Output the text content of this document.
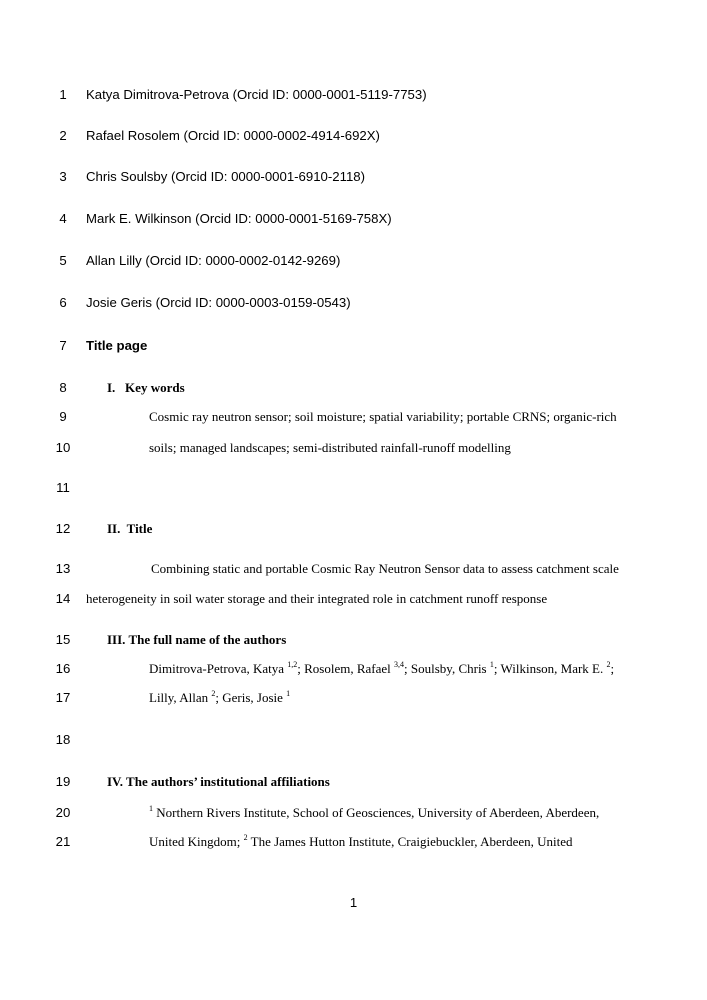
1	Katya Dimitrova-Petrova (Orcid ID: 0000-0001-5119-7753)
2	Rafael Rosolem (Orcid ID: 0000-0002-4914-692X)
3	Chris Soulsby (Orcid ID: 0000-0001-6910-2118)
4	Mark E. Wilkinson (Orcid ID: 0000-0001-5169-758X)
5	Allan Lilly (Orcid ID: 0000-0002-0142-9269)
6	Josie Geris (Orcid ID: 0000-0003-0159-0543)
7	Title page
8	I.   Key words
9	Cosmic ray neutron sensor; soil moisture; spatial variability; portable CRNS; organic-rich
10	soils; managed landscapes; semi-distributed rainfall-runoff modelling
11
12	II.  Title
13	Combining static and portable Cosmic Ray Neutron Sensor data to assess catchment scale
14 heterogeneity in soil water storage and their integrated role in catchment runoff response
15	III. The full name of the authors
16	Dimitrova-Petrova, Katya $^{1,2}$; Rosolem, Rafael $^{3,4}$; Soulsby, Chris $^1$; Wilkinson, Mark E. $^2$;
17	Lilly, Allan $^2$; Geris, Josie $^1$
18
19	IV. The authors’ institutional affiliations
20	$^1$ Northern Rivers Institute, School of Geosciences, University of Aberdeen, Aberdeen,
21	United Kingdom; $^2$ The James Hutton Institute, Craigiebuckler, Aberdeen, United
1
